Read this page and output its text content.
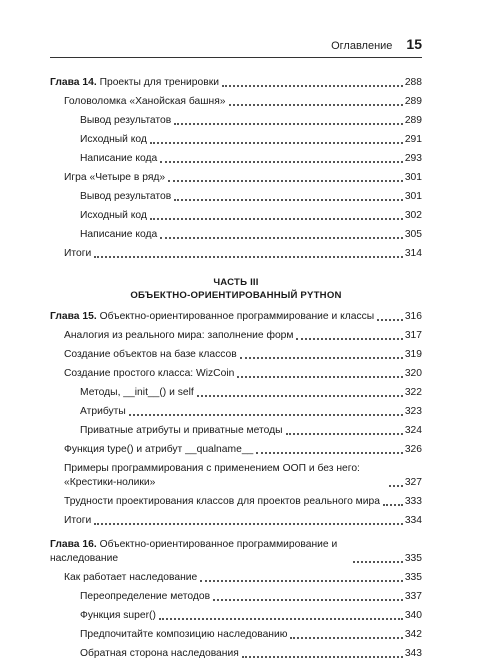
Оглавление 15
Глава 14. Проекты для тренировки	288
Головоломка «Ханойская башня»	289
Вывод результатов	289
Исходный код	291
Написание кода	293
Игра «Четыре в ряд»	301
Вывод результатов	301
Исходный код	302
Написание кода	305
Итоги	314
ЧАСТЬ III
ОБЪЕКТНО-ОРИЕНТИРОВАННЫЙ PYTHON
Глава 15. Объектно-ориентированное программирование и классы	316
Аналогия из реального мира: заполнение форм	317
Создание объектов на базе классов	319
Создание простого класса: WizCoin	320
Методы, __init__() и self	322
Атрибуты	323
Приватные атрибуты и приватные методы	324
Функция type() и атрибут __qualname__	326
Примеры программирования с применением ООП и без него: «Крестики-нолики»	327
Трудности проектирования классов для проектов реального мира 333
Итоги	334
Глава 16. Объектно-ориентированное программирование и наследование	335
Как работает наследование	335
Переопределение методов	337
Функция super()	340
Предпочитайте композицию наследованию	342
Обратная сторона наследования	343
